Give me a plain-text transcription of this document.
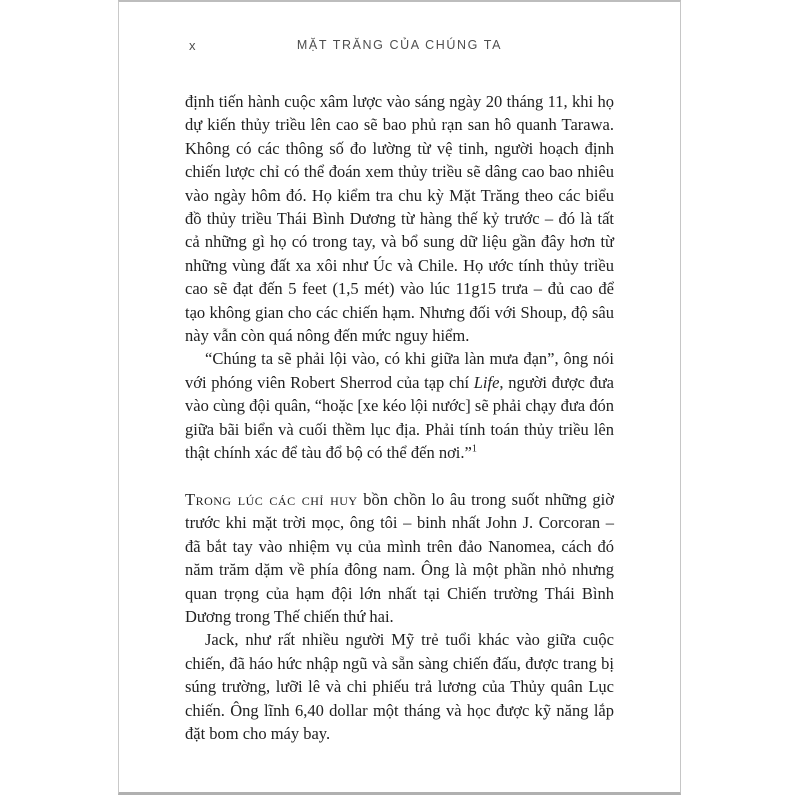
x	MẶT TRĂNG CỦA CHÚNG TA

định tiến hành cuộc xâm lược vào sáng ngày 20 tháng 11, khi họ dự kiến thủy triều lên cao sẽ bao phủ rạn san hô quanh Tarawa. Không có các thông số đo lường từ vệ tinh, người hoạch định chiến lược chỉ có thể đoán xem thủy triều sẽ dâng cao bao nhiêu vào ngày hôm đó. Họ kiểm tra chu kỳ Mặt Trăng theo các biểu đồ thủy triều Thái Bình Dương từ hàng thế kỷ trước – đó là tất cả những gì họ có trong tay, và bổ sung dữ liệu gần đây hơn từ những vùng đất xa xôi như Úc và Chile. Họ ước tính thủy triều cao sẽ đạt đến 5 feet (1,5 mét) vào lúc 11g15 trưa – đủ cao để tạo không gian cho các chiến hạm. Nhưng đối với Shoup, độ sâu này vẫn còn quá nông đến mức nguy hiểm.

“Chúng ta sẽ phải lội vào, có khi giữa làn mưa đạn”, ông nói với phóng viên Robert Sherrod của tạp chí Life, người được đưa vào cùng đội quân, “hoặc [xe kéo lội nước] sẽ phải chạy đưa đón giữa bãi biển và cuối thềm lục địa. Phải tính toán thủy triều lên thật chính xác để tàu đổ bộ có thể đến nơi.”$^1$

Trong lúc các chỉ huy bồn chồn lo âu trong suốt những giờ trước khi mặt trời mọc, ông tôi – binh nhất John J. Corcoran – đã bắt tay vào nhiệm vụ của mình trên đảo Nanomea, cách đó năm trăm dặm về phía đông nam. Ông là một phần nhỏ nhưng quan trọng của hạm đội lớn nhất tại Chiến trường Thái Bình Dương trong Thế chiến thứ hai.

Jack, như rất nhiều người Mỹ trẻ tuổi khác vào giữa cuộc chiến, đã háo hức nhập ngũ và sẵn sàng chiến đấu, được trang bị súng trường, lưỡi lê và chi phiếu trả lương của Thủy quân Lục chiến. Ông lĩnh 6,40 dollar một tháng và học được kỹ năng lắp đặt bom cho máy bay.
